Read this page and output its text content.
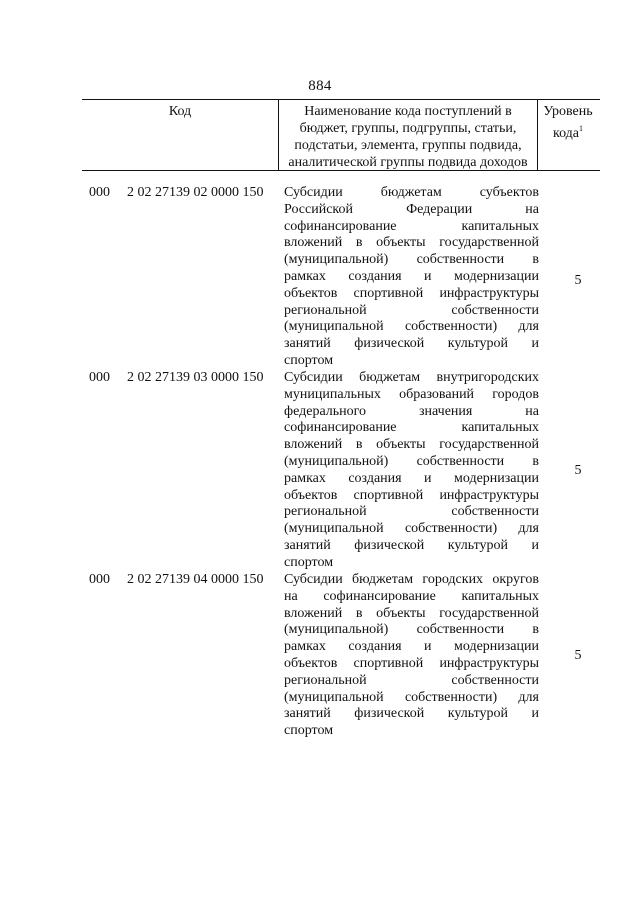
884
Код	Наименование кода поступлений в
бюджет, группы, подгруппы, статьи,
подстатьи, элемента, группы подвида,
аналитической группы подвида доходов
Уровень
кода$^1$
000 2 02 27139 02 0000 150 Субсидии бюджетам субъектов
Российской Федерации на
софинансирование капитальных
вложений в объекты государственной
(муниципальной) собственности в
рамках создания и модернизации
объектов спортивной инфраструктуры
региональной собственности
(муниципальной собственности) для
занятий физической культурой и
спортом
5
000 2 02 27139 03 0000 150 Субсидии бюджетам внутригородских
муниципальных образований городов
федерального значения на
софинансирование капитальных
вложений в объекты государственной
(муниципальной) собственности в
рамках создания и модернизации
объектов спортивной инфраструктуры
региональной собственности
(муниципальной собственности) для
занятий физической культурой и
спортом
5
000 2 02 27139 04 0000 150 Субсидии бюджетам городских округов
на софинансирование капитальных
вложений в объекты государственной
(муниципальной) собственности в
рамках создания и модернизации
объектов спортивной инфраструктуры
региональной собственности
(муниципальной собственности) для
занятий физической культурой и
спортом
5
